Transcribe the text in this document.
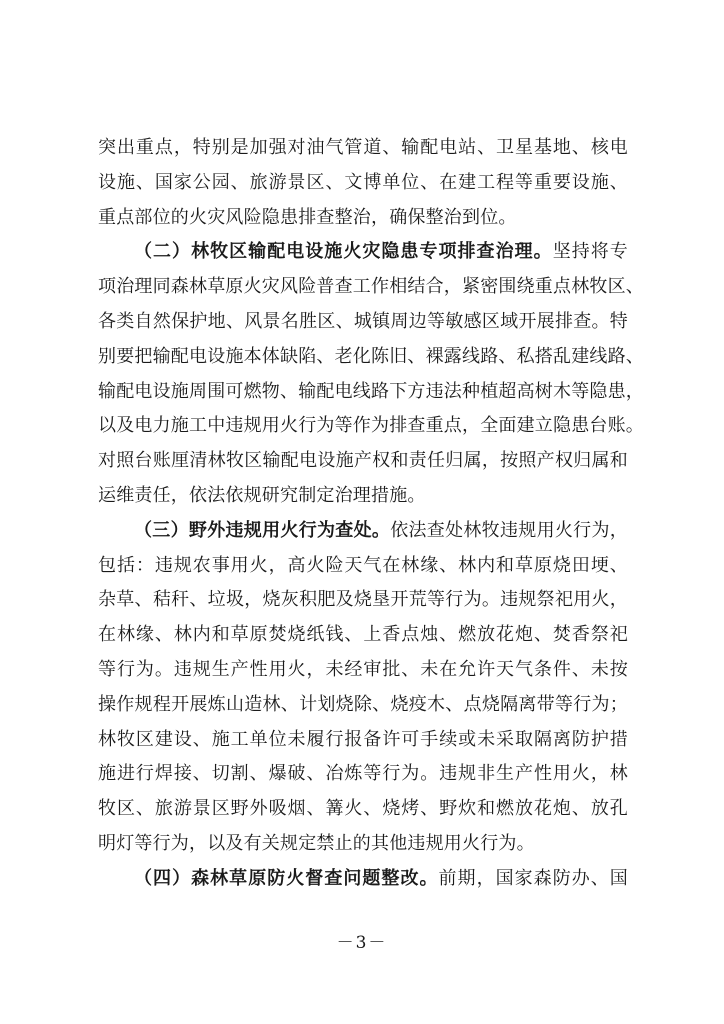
突出重点，特别是加强对油气管道、输配电站、卫星基地、核电
设施、国家公园、旅游景区、文博单位、在建工程等重要设施、
重点部位的火灾风险隐患排查整治，确保整治到位。
（二）林牧区输配电设施火灾隐患专项排查治理。坚持将专
项治理同森林草原火灾风险普查工作相结合，紧密围绕重点林牧区、
各类自然保护地、风景名胜区、城镇周边等敏感区域开展排查。特
别要把输配电设施本体缺陷、老化陈旧、裸露线路、私搭乱建线路、
输配电设施周围可燃物、输配电线路下方违法种植超高树木等隐患，
以及电力施工中违规用火行为等作为排查重点，全面建立隐患台账。
对照台账厘清林牧区输配电设施产权和责任归属，按照产权归属和
运维责任，依法依规研究制定治理措施。
（三）野外违规用火行为查处。依法查处林牧违规用火行为，
包括：违规农事用火，高火险天气在林缘、林内和草原烧田埂、
杂草、秸秆、垃圾，烧灰积肥及烧垦开荒等行为。违规祭祀用火，
在林缘、林内和草原焚烧纸钱、上香点烛、燃放花炮、焚香祭祀
等行为。违规生产性用火，未经审批、未在允许天气条件、未按
操作规程开展炼山造林、计划烧除、烧疫木、点烧隔离带等行为；
林牧区建设、施工单位未履行报备许可手续或未采取隔离防护措
施进行焊接、切割、爆破、冶炼等行为。违规非生产性用火，林
牧区、旅游景区野外吸烟、篝火、烧烤、野炊和燃放花炮、放孔
明灯等行为，以及有关规定禁止的其他违规用火行为。
（四）森林草原防火督查问题整改。前期，国家森防办、国
－3－
